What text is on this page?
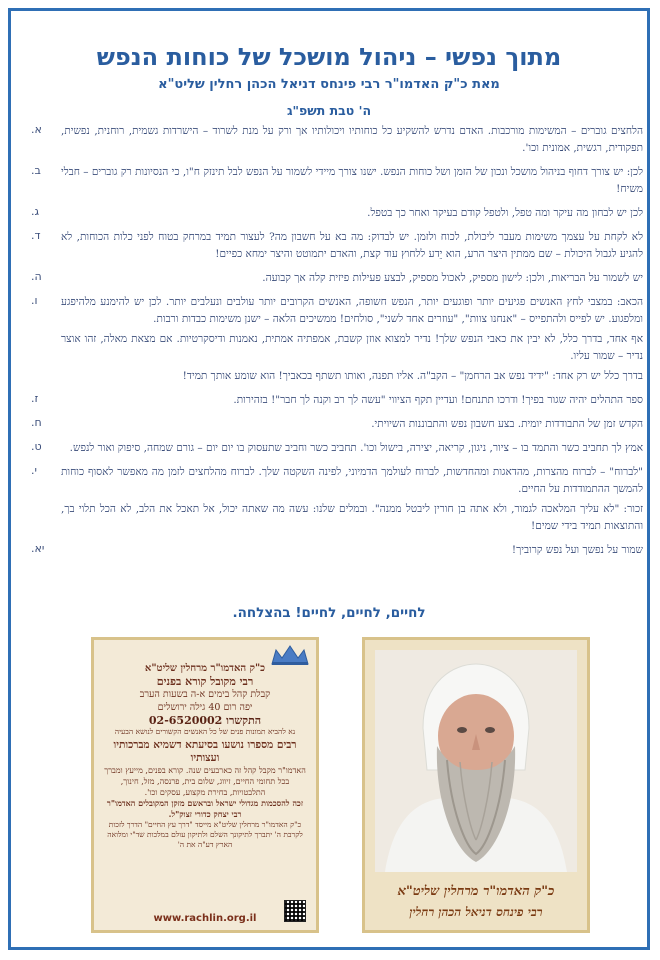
מתוך נפשי – ניהול מושכל של כוחות הנפש
מאת כ"ק האדמו"ר רבי פינחס דניאל הכהן רחלין שליט"א
ה' טבת תשפ"ג
א.	הלחצים גוברים – המשימות מורכבות. האדם נדרש להשקיע כל כוחותיו ויכולותיו אך ורק על מנת לשרוד – הישרדות גשמית, רוחנית, נפשית, תפקודית, רגשית, אמונית וכו'.
ב.	לכן: יש צורך דחוף בניהול מושכל ונכון של הזמן ושל כוחות הנפש. ישנו צורך מיידי לשמור על הנפש לבל תינזק ח"ו, כי הנסיונות רק גוברים – חבלי משיח!
ג.	לכן יש לבחון מה עיקר ומה טפל, ולטפל קודם בעיקר ואחר כך בטפל.
ד.	לא לקחת על עצמך משימות מעבר ליכולת, לכוח ולזמן. יש לבדוק: מה בא על חשבון מה? לעצור תמיד במרחק בטוח לפני כלות הכוחות, לא להגיע לגבול היכולת – שם ממתין היצר הרע, הוא יֵדע ללחוץ עוד קצת, והאדם יתמוטט והיצר ימחא כפיים!
ה.	יש לשמור על הבריאות, ולכן: לישון מספיק, לאכול מספיק, לבצע פעילות פיזית קלה אך קבועה.
ו.	הכאב: במצבי לחץ האנשים פגיעים יותר ופוגעים יותר, הנפש חשופה, האנשים הקרובים יותר עולבים ונעלבים יותר. לכן יש להימנע מלהיפגע ומלפגוע. יש לפייס ולהתפייס – "אנחנו צוות", "עוזרים אחד לשני", סולחים! ממשיכים הלאה – ישנן משימות כבדות ורבות.
אף אחד, בדרך כלל, לא יבין את כאבי הנפש שלך! נדיר למצוא אוזן קשבת, אמפתיה אמתית, נאמנות ודיסקרטיות. אם מצאת מאלה, זהו אוצר נדיר – שמור עליו.
בדרך כלל יש רק אחד: "ידיד נפש אב הרחמן" – הקב"ה. אליו תפנה, ואותו תשתף בכאביך! הוא שומע אותך תמיד!
ז.	ספר התהלים יהיה שגור בפיך! ודרכו תתנחם! ועדיין תקף הציווי "עשה לך רב וקנה לך חבר"! בזהירות.
ח.	הקדש זמן של התבודדות יומית. בצע חשבון נפש והתבוננות השיויתי.
ט.	אמץ לך תחביב כשר והתמד בו – ציור, ניגון, קריאה, יצירה, בישול וכו'. תחביב כשר וחביב שתעסוק בו יום יום – גורם שמחה, סיפוק ואור לנפש.
י.	"לברוח" – לברוח מהצרות, מהדאגות ומהחדשות, לברוח לעולמך הדמיוני, לפינה השקטה שלך. לברוח מהלחצים לזמן מה מאפשר לאסוף כוחות להמשך ההתמודדות על החיים.
זכור: "לא עליך המלאכה לגמור, ולא אתה בן חורין ליבטל ממנה". ובמלים שלנו: עשה מה שאתה יכול, אל תאכל את הלב, לא הכל תלוי בך, והתוצאות תמיד בידי שמים!
יא.	שמור על נפשך ועל נפש קרוביך!
לחיים, לחיים, לחיים! בהצלחה.
כ"ק האדמו"ר מרחלין שליט"א
רבי מקובל קורא בפנים
קבלת קהל בימים א-ה בשעות הערב
יפה רום 40 גילה ירושלים
התקשרו 02-6520002
נא להביא תמונות פנים של כל האנשים הקשורים לנושא הבעיה
רבים מספרו נושעו בסיעתא דשמיא מברכותיו ועצותיו
האדמו"ר מקבל קהל זה כארבעים שנה. קורא בפנים, מייעץ ומברך בכל תחומי החיים, זיווג, שלום בית, פרנסה, מזל, חינוך, התלבטויות, בחירת מקצוע, עסקים וכו'.
זכה להסכמות מגדולי ישראל ובראשם מזקן המקובלים האדמו"ר רבי יצחק כדורי זצוק"ל.
כ"ק האדמו"ר מרחלין שליט"א מייסד "דרך עץ החיים" הדרך לזכות לקרבת ה' יתברך לתיקונך השלם ולתיקון עולם במלכות שד"י ומלואה הארץ דע"ה את ה'
www.rachlin.org.il
כ"ק האדמו"ר מרחלין שליט"א
רבי פינחס דניאל הכהן רחלין
